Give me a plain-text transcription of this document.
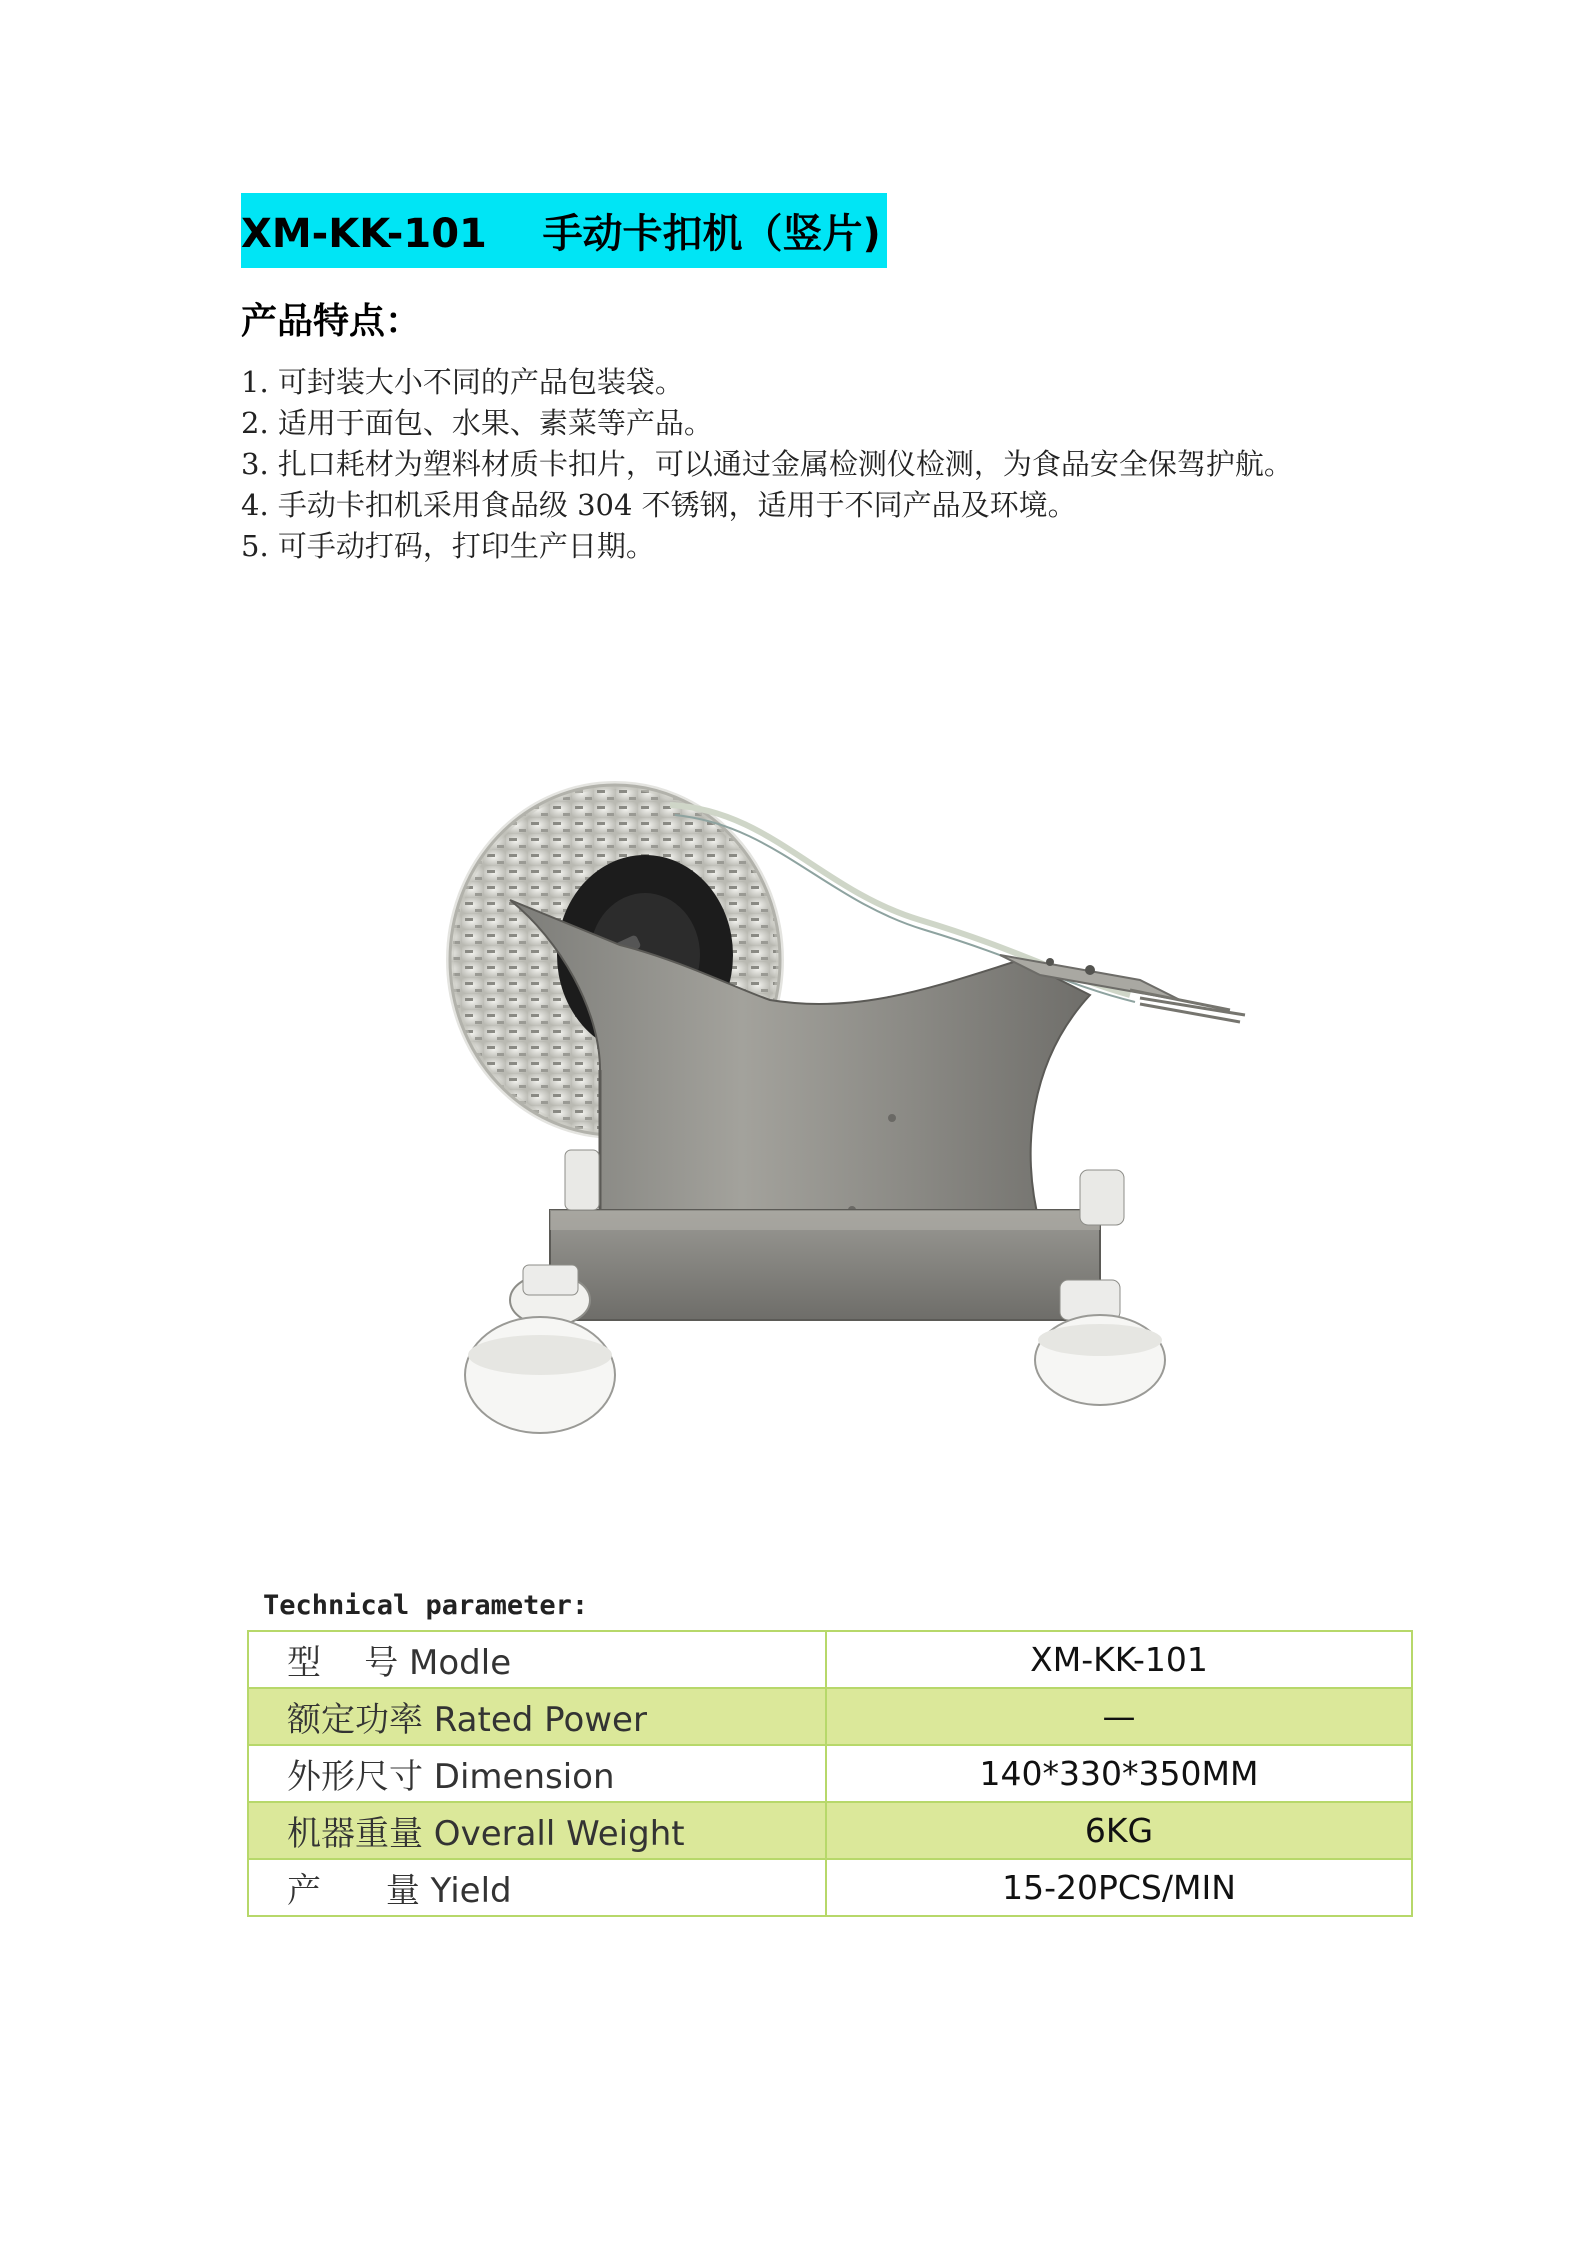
XM-KK-101    手动卡扣机（竖片)
产品特点：
1. 可封装大小不同的产品包装袋。
2. 适用于面包、水果、素菜等产品。
3. 扎口耗材为塑料材质卡扣片，可以通过金属检测仪检测，为食品安全保驾护航。
4. 手动卡扣机采用食品级 304 不锈钢，适用于不同产品及环境。
5. 可手动打码，打印生产日期。
Technical parameter:
型    号 Modle	XM-KK-101
额定功率 Rated Power	—
外形尺寸 Dimension	140*330*350MM
机器重量 Overall Weight	6KG
产      量 Yield	15-20PCS/MIN
